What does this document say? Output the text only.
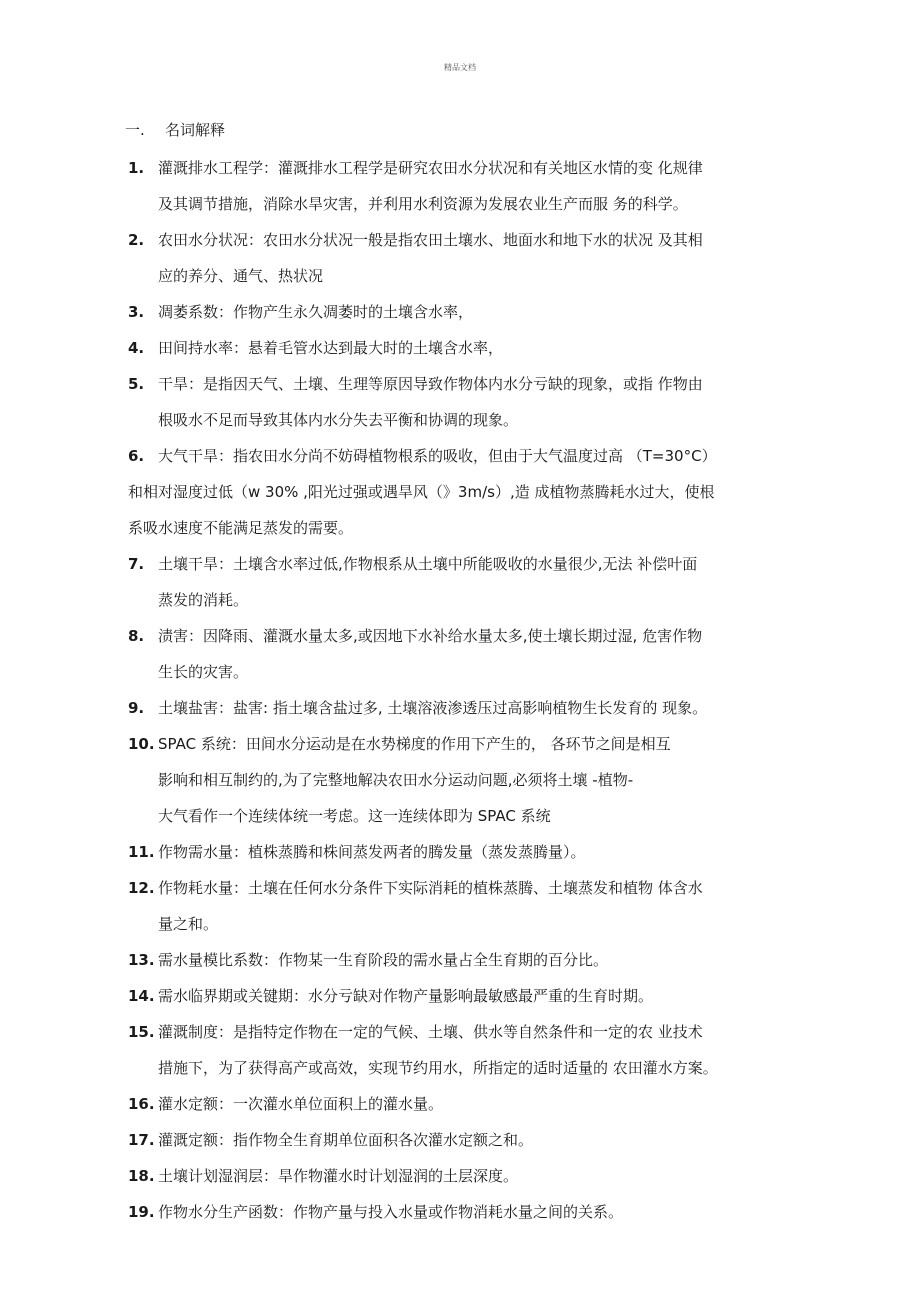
精品文档
一. 名词解释
1. 灌溉排水工程学：灌溉排水工程学是研究农田水分状况和有关地区水情的变 化规律
及其调节措施，消除水旱灾害，并利用水利资源为发展农业生产而服 务的科学。
2. 农田水分状况：农田水分状况一般是指农田土壤水、地面水和地下水的状况 及其相
应的养分、通气、热状况
3. 凋萎系数：作物产生永久凋萎时的土壤含水率，
4. 田间持水率：悬着毛管水达到最大时的土壤含水率，
5. 干旱：是指因天气、土壤、生理等原因导致作物体内水分亏缺的现象，或指 作物由
根吸水不足而导致其体内水分失去平衡和协调的现象。
6. 大气干旱：指农田水分尚不妨碍植物根系的吸收，但由于大气温度过高 （T=30°C）
和相对湿度过低（w 30% ,阳光过强或遇旱风（》3m/s）,造 成植物蒸腾耗水过大，使根
系吸水速度不能满足蒸发的需要。
7. 土壤干旱：土壤含水率过低,作物根系从土壤中所能吸收的水量很少,无法 补偿叶面
蒸发的消耗。
8. 渍害：因降雨、灌溉水量太多,或因地下水补给水量太多,使土壤长期过湿, 危害作物
生长的灾害。
9. 土壤盐害：盐害: 指土壤含盐过多, 土壤溶液渗透压过高影响植物生长发育的 现象。
10. SPAC 系统：田间水分运动是在水势梯度的作用下产生的， 各环节之间是相互
影响和相互制约的,为了完整地解决农田水分运动问题,必须将土壤 -植物-
大气看作一个连续体统一考虑。这一连续体即为 SPAC 系统
11. 作物需水量：植株蒸腾和株间蒸发两者的腾发量（蒸发蒸腾量）。
12. 作物耗水量：土壤在任何水分条件下实际消耗的植株蒸腾、土壤蒸发和植物 体含水
量之和。
13. 需水量模比系数：作物某一生育阶段的需水量占全生育期的百分比。
14. 需水临界期或关键期：水分亏缺对作物产量影响最敏感最严重的生育时期。
15. 灌溉制度：是指特定作物在一定的气候、土壤、供水等自然条件和一定的农 业技术
措施下，为了获得高产或高效，实现节约用水，所指定的适时适量的 农田灌水方案。
16. 灌水定额：一次灌水单位面积上的灌水量。
17. 灌溉定额：指作物全生育期单位面积各次灌水定额之和。
18. 土壤计划湿润层：旱作物灌水时计划湿润的土层深度。
19. 作物水分生产函数：作物产量与投入水量或作物消耗水量之间的关系。
